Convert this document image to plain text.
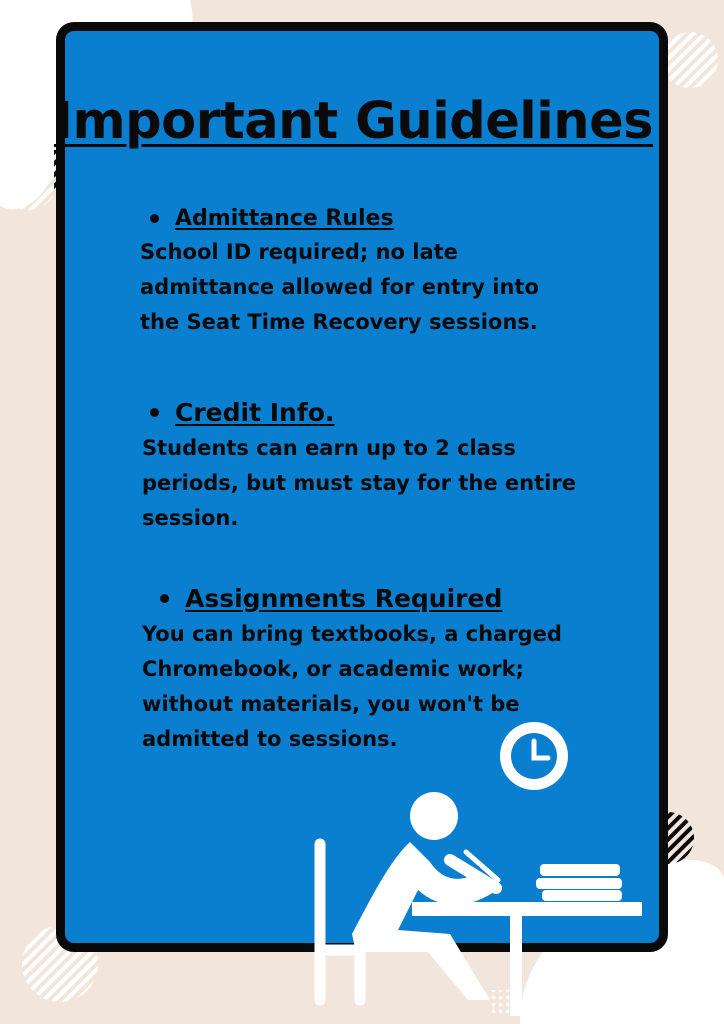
Important Guidelines
Admittance Rules

School ID required; no late
admittance allowed for entry into
the Seat Time Recovery sessions.

Credit Info.

Students can earn up to 2 class
periods, but must stay for the entire
session.

Assignments Required

You can bring textbooks, a charged
Chromebook, or academic work;
without materials, you won't be
admitted to sessions.
